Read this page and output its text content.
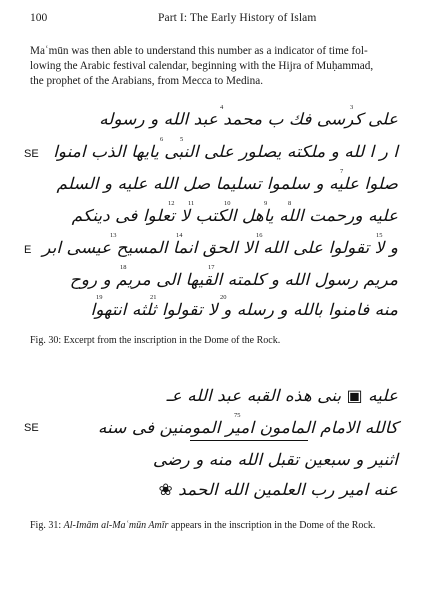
100	Part I: The Early History of Islam
Maʿmūn was then able to understand this number as a indicator of time fol-
lowing the Arabic festival calendar, beginning with the Hijra of Muḥammad,
the prophet of the Arabians, from Mecca to Medina.
على كرسى فك ب محمد عبد الله و رسوله
ا ر ا لله و ملكته يصلور على النبى يايها الذب امنوا
صلوا عليه و سلموا تسليما صل الله عليه و السلم
عليه ورحمت الله ياهل الكتب لا تعلوا فى دينكم
و لا تقولوا على الله الا الحق انما المسيح عيسى ابر
مريم رسول الله و كلمته القيها الى مريم و روح
منه فامنوا بالله و رسله و لا تقولوا ثلثه انتهوا
SE
E
3
4
5
6
7
8
9
10
11
12
13	14	15
16
17
18
19	20
21
Fig. 30: Excerpt from the inscription in the Dome of the Rock.
عليه ▣ بنى هذه القبه عبد الله عـ
كالله الامام المامون امير المومنين فى سنه
اثنير و سبعين تقبل الله منه و رضى
عنه امير رب العلمين الله الحمد ❀
SE
75
Fig. 31: Al-Imām al-Maʿmūn Amīr appears in the inscription in the Dome of the Rock.
